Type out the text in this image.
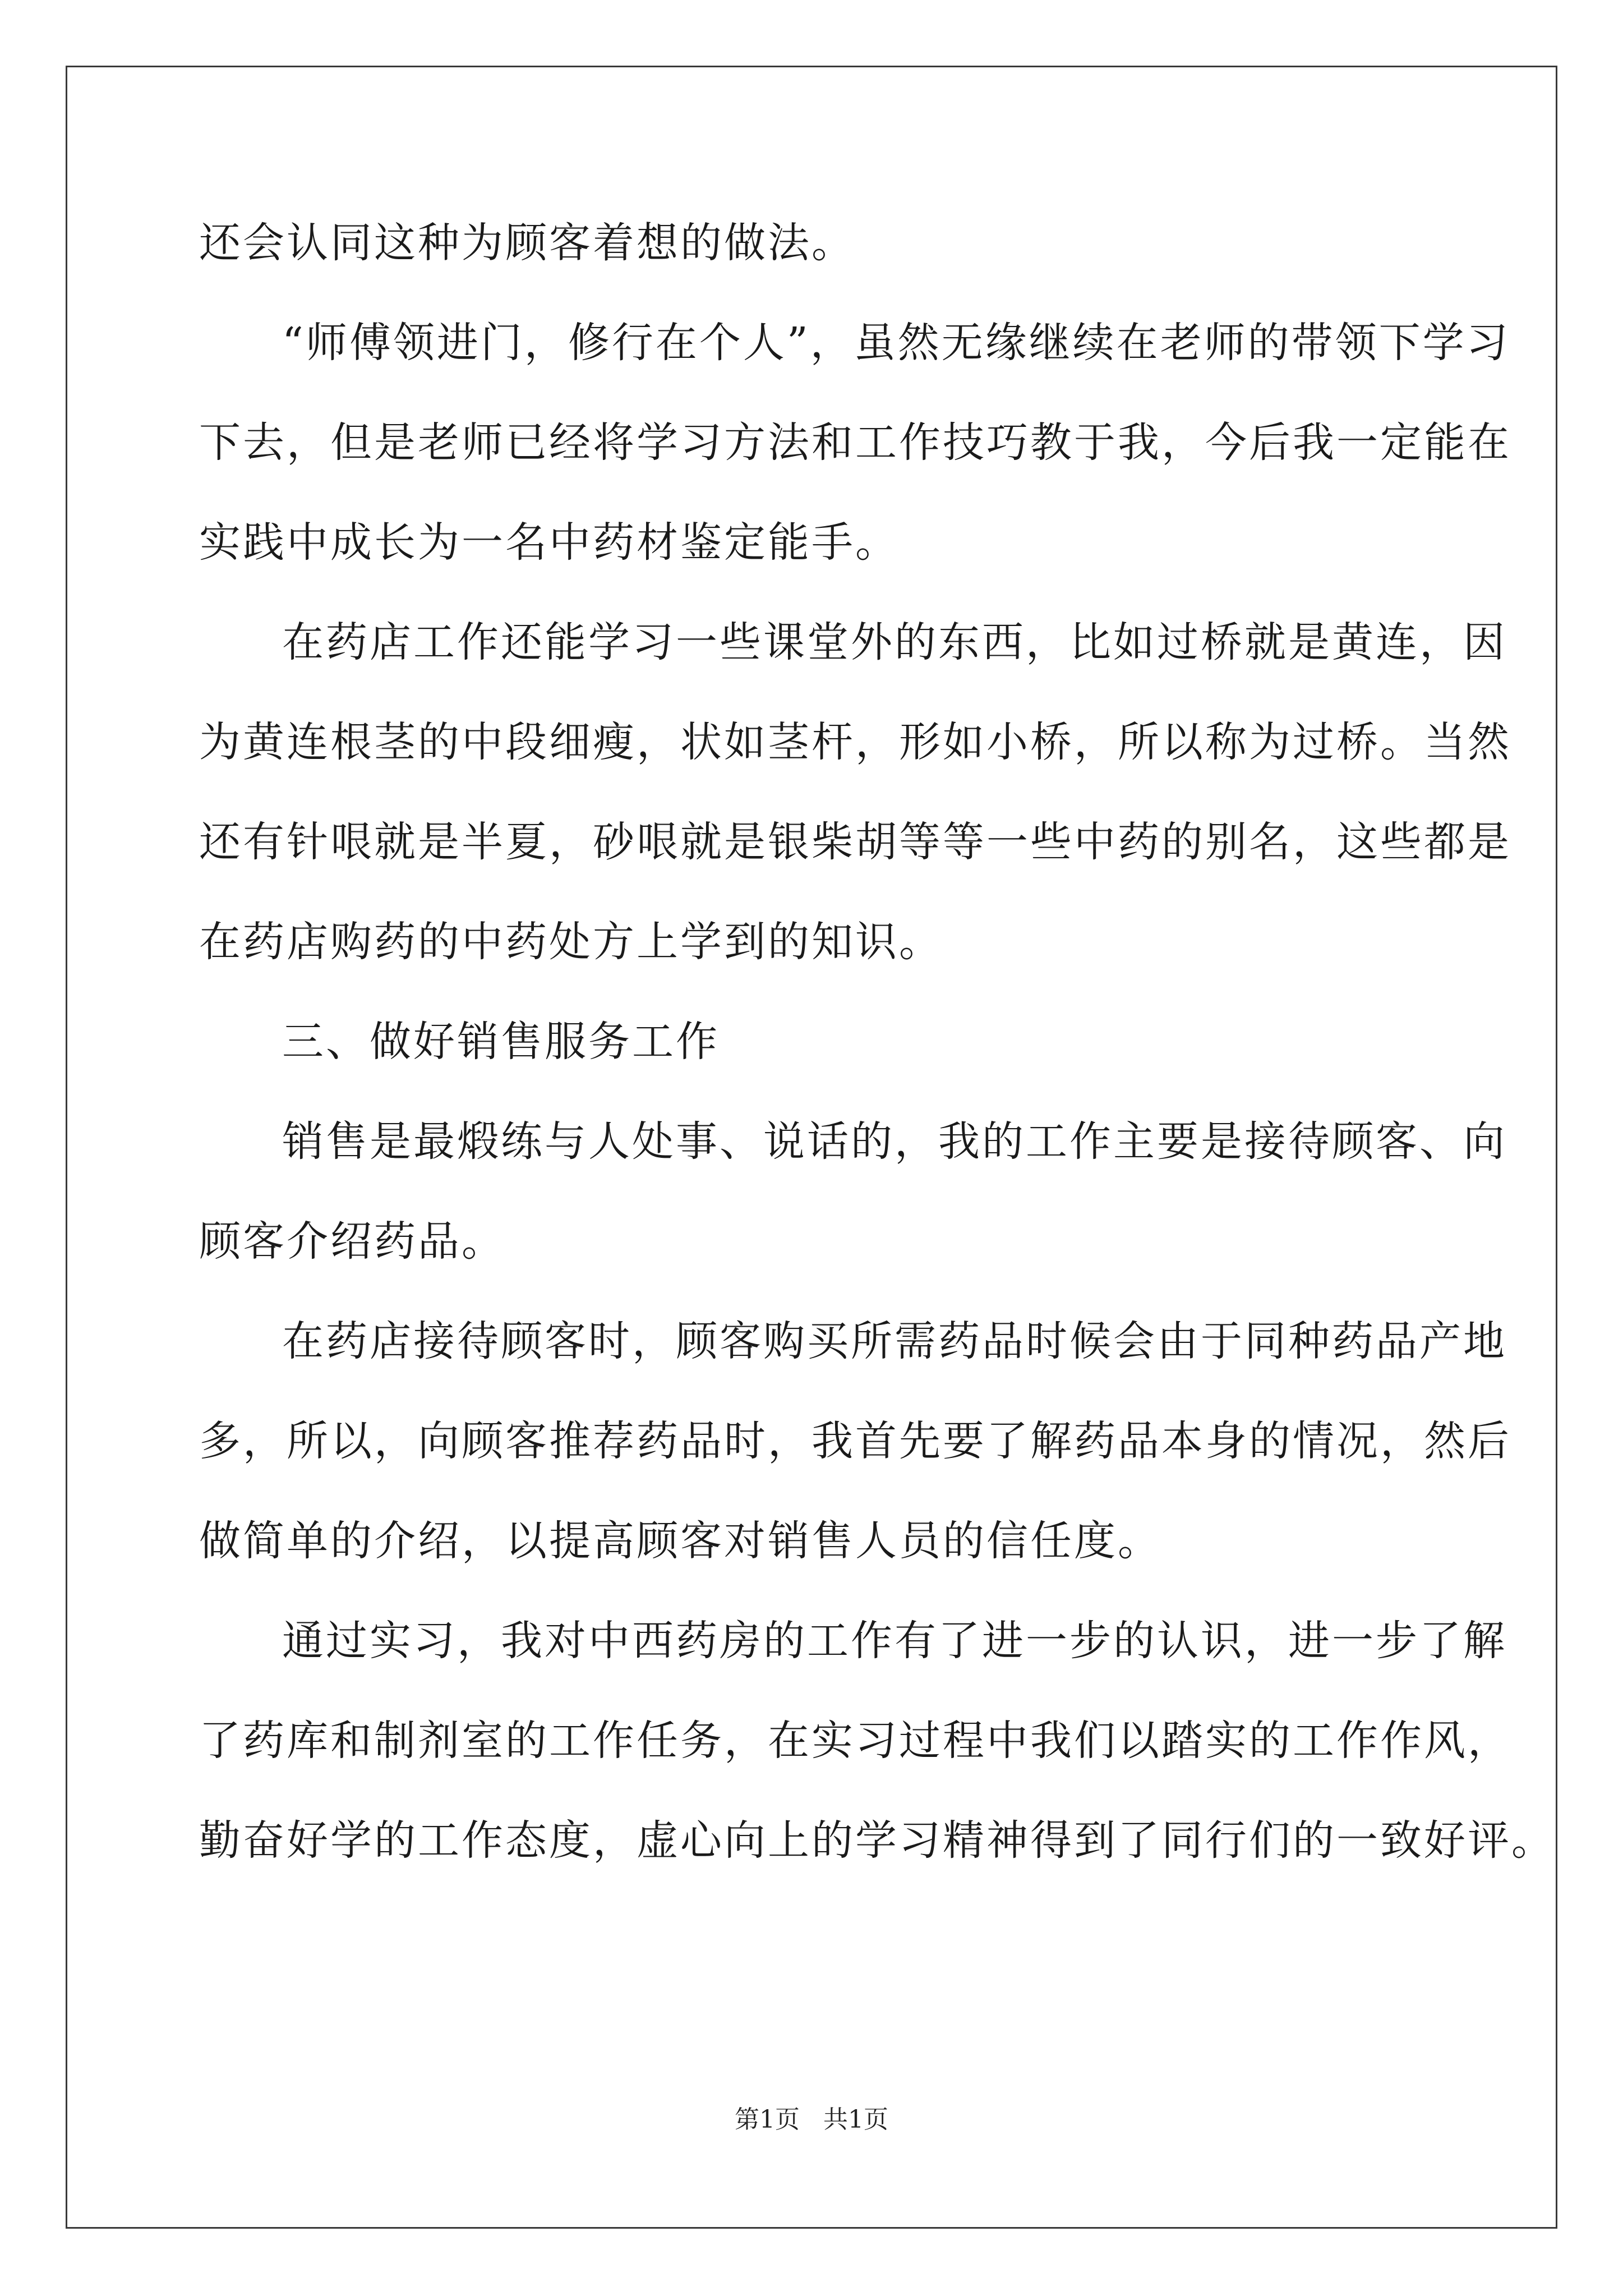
还会认同这种为顾客着想的做法。
“师傅领进门，修行在个人”，虽然无缘继续在老师的带领下学习
下去，但是老师已经将学习方法和工作技巧教于我，今后我一定能在
实践中成长为一名中药材鉴定能手。
在药店工作还能学习一些课堂外的东西，比如过桥就是黄连，因
为黄连根茎的中段细瘦，状如茎杆，形如小桥，所以称为过桥。当然
还有针哏就是半夏，砂哏就是银柴胡等等一些中药的别名，这些都是
在药店购药的中药处方上学到的知识。
三、做好销售服务工作
销售是最煅练与人处事、说话的，我的工作主要是接待顾客、向
顾客介绍药品。
在药店接待顾客时，顾客购买所需药品时候会由于同种药品产地
多，所以，向顾客推荐药品时，我首先要了解药品本身的情况，然后
做简单的介绍，以提高顾客对销售人员的信任度。
通过实习，我对中西药房的工作有了进一步的认识，进一步了解
了药库和制剂室的工作任务，在实习过程中我们以踏实的工作作风，
勤奋好学的工作态度，虚心向上的学习精神得到了同行们的一致好评。
第1页   共1页
